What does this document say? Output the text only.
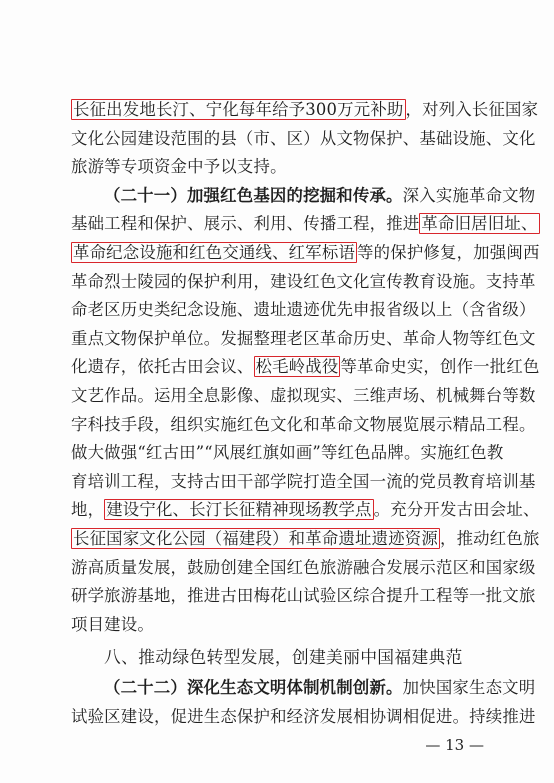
长征出发地长汀、宁化每年给予300万元补助 ，对列入长征国家
文化公园建设范围的县（市、区）从文物保护、基础设施、文化
旅游等专项资金中予以支持。
（二十一）加强红色基因的挖掘和传承。深入实施革命文物
基础工程和保护、展示、利用、传播工程，推进 革命旧居旧址、
革命纪念设施和红色交通线、红军标语 等的保护修复，加强闽西
革命烈士陵园的保护利用，建设红色文化宣传教育设施。支持革
命老区历史类纪念设施、遗址遗迹优先申报省级以上（含省级）
重点文物保护单位。发掘整理老区革命历史、革命人物等红色文
化遗存，依托古田会议、 松毛岭战役 等革命史实，创作一批红色
文艺作品。运用全息影像、虚拟现实、三维声场、机械舞台等数
字科技手段，组织实施红色文化和革命文物展览展示精品工程。
做大做强“红古田”“风展红旗如画”等红色品牌。实施红色教
育培训工程，支持古田干部学院打造全国一流的党员教育培训基
地， 建设宁化、长汀长征精神现场教学点 。充分开发古田会址、
长征国家文化公园（福建段）和革命遗址遗迹资源 ，推动红色旅
游高质量发展，鼓励创建全国红色旅游融合发展示范区和国家级
研学旅游基地，推进古田梅花山试验区综合提升工程等一批文旅
项目建设。
— 13 —
八、推动绿色转型发展，创建美丽中国福建典范
（二十二）深化生态文明体制机制创新。加快国家生态文明
试验区建设，促进生态保护和经济发展相协调相促进。持续推进
